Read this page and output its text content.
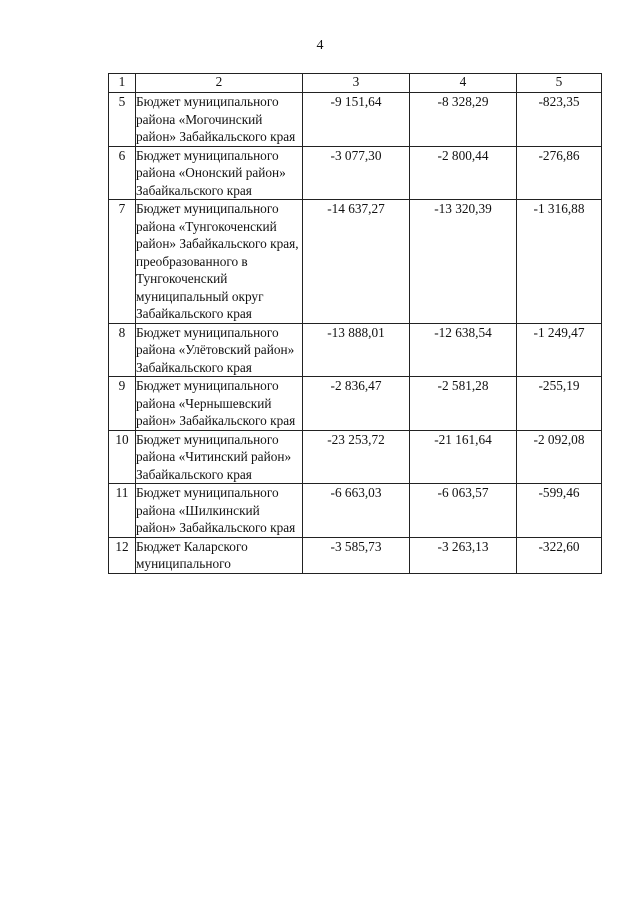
4
1	2	3	4	5
5	Бюджет муниципального района «Могочинский район» Забайкальского края	-9 151,64	-8 328,29	-823,35
6	Бюджет муниципального района «Ононский район» Забайкальского края	-3 077,30	-2 800,44	-276,86
7	Бюджет муниципального района «Тунгокоченский район» Забайкальского края, преобразованного в Тунгокоченский муниципальный округ Забайкальского края	-14 637,27	-13 320,39	-1 316,88
8	Бюджет муниципального района «Улётовский район» Забайкальского края	-13 888,01	-12 638,54	-1 249,47
9	Бюджет муниципального района «Чернышевский район» Забайкальского края	-2 836,47	-2 581,28	-255,19
10	Бюджет муниципального района «Читинский район» Забайкальского края	-23 253,72	-21 161,64	-2 092,08
11	Бюджет муниципального района «Шилкинский район» Забайкальского края	-6 663,03	-6 063,57	-599,46
12	Бюджет Каларского муниципального	-3 585,73	-3 263,13	-322,60
